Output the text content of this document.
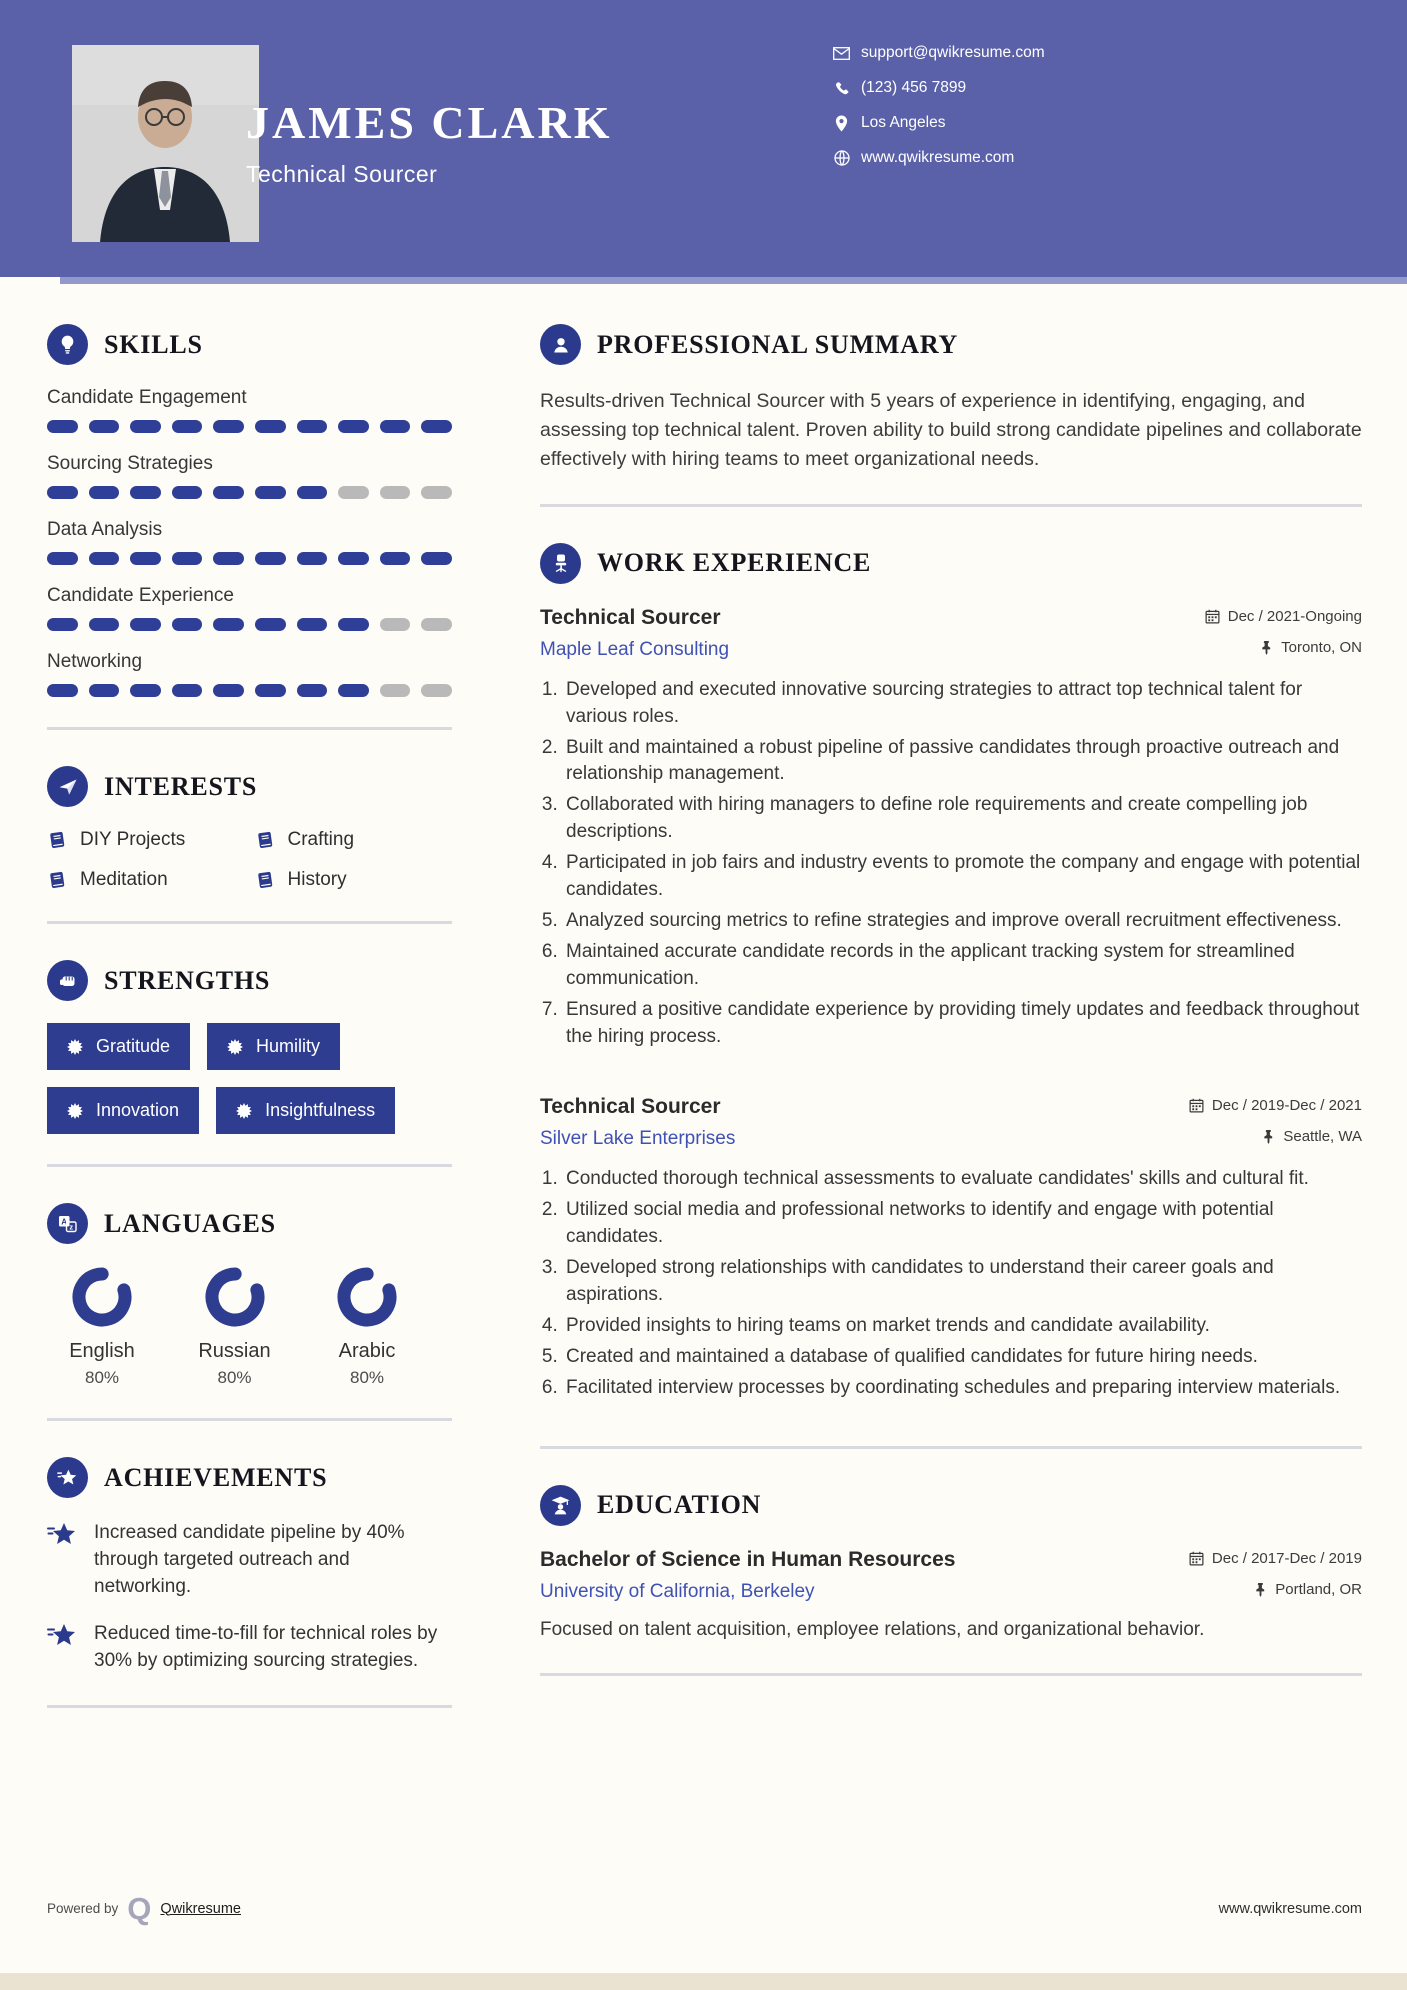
JAMES CLARK
Technical Sourcer
support@qwikresume.com
(123) 456 7899
Los Angeles
www.qwikresume.com
SKILLS
Candidate Engagement
Sourcing Strategies
Data Analysis
Candidate Experience
Networking
INTERESTS
DIY Projects	Crafting
Meditation	History
STRENGTHS
Gratitude	Humility
Innovation	Insightfulness
A
z LANGUAGES
English
80%
Russian
80%
Arabic
80%
ACHIEVEMENTS
Increased candidate pipeline by 40% through targeted outreach and networking.
Reduced time-to-fill for technical roles by 30% by optimizing sourcing strategies.
PROFESSIONAL SUMMARY

Results-driven Technical Sourcer with 5 years of experience in identifying, engaging, and assessing top technical talent. Proven ability to build strong candidate pipelines and collaborate effectively with hiring teams to meet organizational needs.

WORK EXPERIENCE
Technical Sourcer	Dec / 2021-Ongoing
Maple Leaf Consulting	Toronto, ON
1. Developed and executed innovative sourcing strategies to attract top technical talent for various roles.
2. Built and maintained a robust pipeline of passive candidates through proactive outreach and relationship management.
3. Collaborated with hiring managers to define role requirements and create compelling job descriptions.
4. Participated in job fairs and industry events to promote the company and engage with potential candidates.
5. Analyzed sourcing metrics to refine strategies and improve overall recruitment effectiveness.
6. Maintained accurate candidate records in the applicant tracking system for streamlined communication.
7. Ensured a positive candidate experience by providing timely updates and feedback throughout the hiring process.
Technical Sourcer	Dec / 2019-Dec / 2021
Silver Lake Enterprises	Seattle, WA
1. Conducted thorough technical assessments to evaluate candidates' skills and cultural fit.
2. Utilized social media and professional networks to identify and engage with potential candidates.
3. Developed strong relationships with candidates to understand their career goals and aspirations.
4. Provided insights to hiring teams on market trends and candidate availability.
5. Created and maintained a database of qualified candidates for future hiring needs.
6. Facilitated interview processes by coordinating schedules and preparing interview materials.
EDUCATION
Bachelor of Science in Human Resources	Dec / 2017-Dec / 2019
University of California, Berkeley	Portland, OR

Focused on talent acquisition, employee relations, and organizational behavior.

Powered by Q Qwikresume	www.qwikresume.com
